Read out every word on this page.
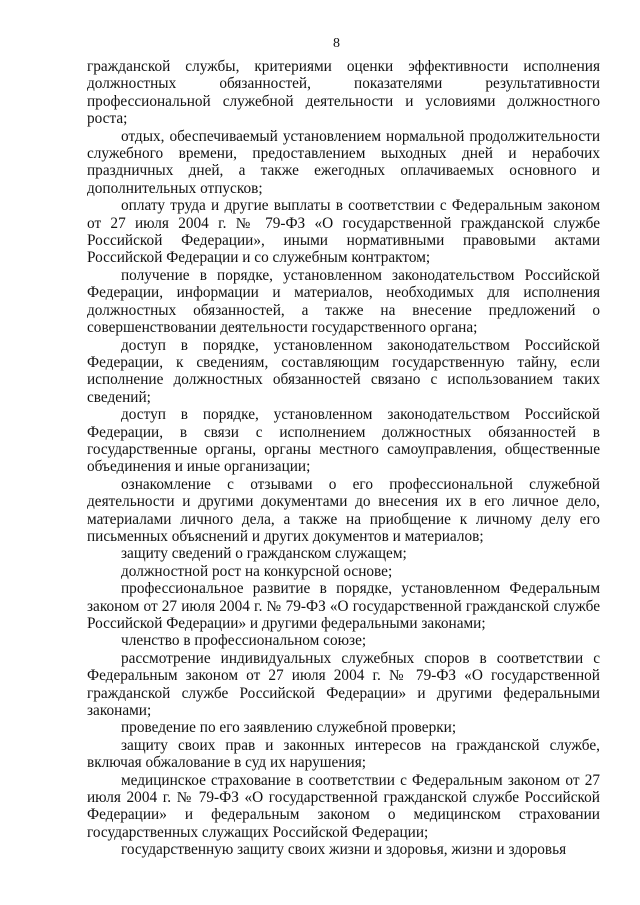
8

гражданской службы, критериями оценки эффективности исполнения должностных обязанностей, показателями результативности профессиональной служебной деятельности и условиями должностного роста;

отдых, обеспечиваемый установлением нормальной продолжительности служебного времени, предоставлением выходных дней и нерабочих праздничных дней, а также ежегодных оплачиваемых основного и дополнительных отпусков;

оплату труда и другие выплаты в соответствии с Федеральным законом от 27 июля 2004 г. № 79-ФЗ «О государственной гражданской службе Российской Федерации», иными нормативными правовыми актами Российской Федерации и со служебным контрактом;

получение в порядке, установленном законодательством Российской Федерации, информации и материалов, необходимых для исполнения должностных обязанностей, а также на внесение предложений о совершенствовании деятельности государственного органа;

доступ в порядке, установленном законодательством Российской Федерации, к сведениям, составляющим государственную тайну, если исполнение должностных обязанностей связано с использованием таких сведений;

доступ в порядке, установленном законодательством Российской Федерации, в связи с исполнением должностных обязанностей в государственные органы, органы местного самоуправления, общественные объединения и иные организации;

ознакомление с отзывами о его профессиональной служебной деятельности и другими документами до внесения их в его личное дело, материалами личного дела, а также на приобщение к личному делу его письменных объяснений и других документов и материалов;

защиту сведений о гражданском служащем;

должностной рост на конкурсной основе;

профессиональное развитие в порядке, установленном Федеральным законом от 27 июля 2004 г. № 79-ФЗ «О государственной гражданской службе Российской Федерации» и другими федеральными законами;

членство в профессиональном союзе;

рассмотрение индивидуальных служебных споров в соответствии с Федеральным законом от 27 июля 2004 г. № 79-ФЗ «О государственной гражданской службе Российской Федерации» и другими федеральными законами;

проведение по его заявлению служебной проверки;

защиту своих прав и законных интересов на гражданской службе, включая обжалование в суд их нарушения;

медицинское страхование в соответствии с Федеральным законом от 27 июля 2004 г. № 79-ФЗ «О государственной гражданской службе Российской Федерации» и федеральным законом о медицинском страховании государственных служащих Российской Федерации;

государственную защиту своих жизни и здоровья, жизни и здоровья
